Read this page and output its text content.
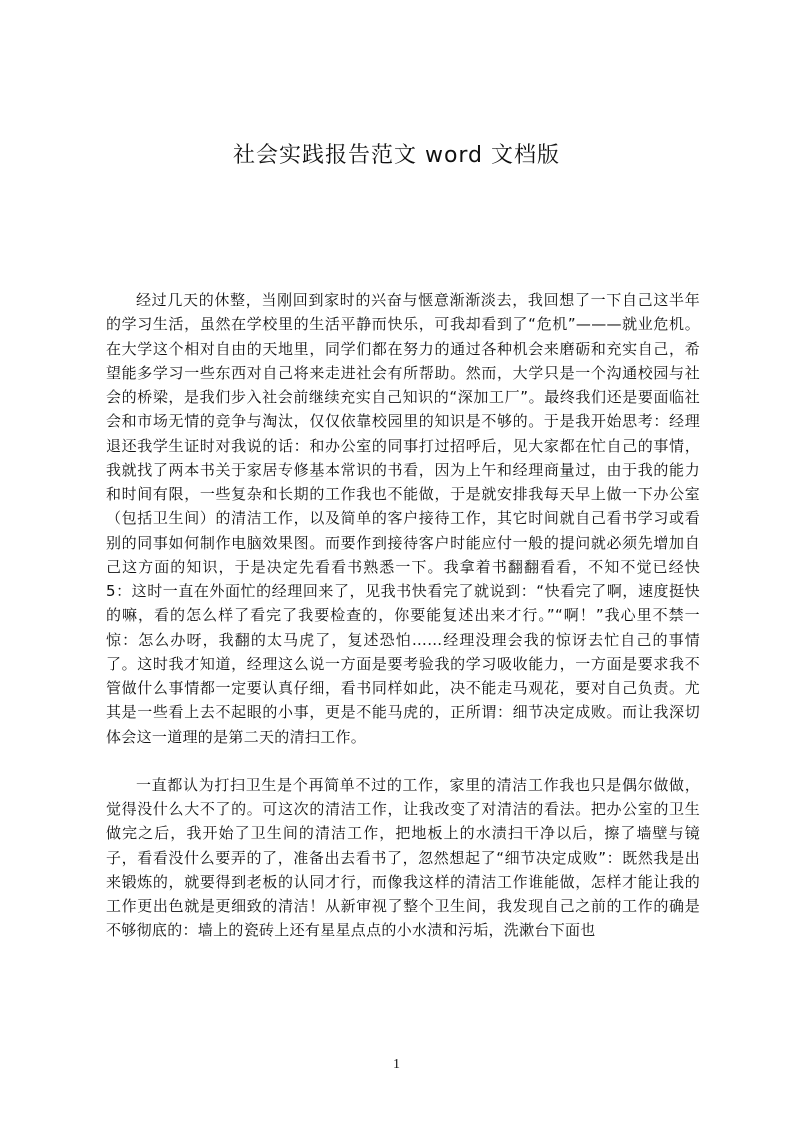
社会实践报告范文 word 文档版

经过几天的休整，当刚回到家时的兴奋与惬意渐渐淡去，我回想了一下自己这半年的学习生活，虽然在学校里的生活平静而快乐，可我却看到了“危机”———就业危机。在大学这个相对自由的天地里，同学们都在努力的通过各种机会来磨砺和充实自己，希望能多学习一些东西对自己将来走进社会有所帮助。然而，大学只是一个沟通校园与社会的桥梁，是我们步入社会前继续充实自己知识的“深加工厂”。最终我们还是要面临社会和市场无情的竞争与淘汰，仅仅依靠校园里的知识是不够的。于是我开始思考：经理退还我学生证时对我说的话：和办公室的同事打过招呼后，见大家都在忙自己的事情，我就找了两本书关于家居专修基本常识的书看，因为上午和经理商量过，由于我的能力和时间有限，一些复杂和长期的工作我也不能做，于是就安排我每天早上做一下办公室（包括卫生间）的清洁工作，以及简单的客户接待工作，其它时间就自己看书学习或看别的同事如何制作电脑效果图。而要作到接待客户时能应付一般的提问就必须先增加自己这方面的知识，于是决定先看看书熟悉一下。我拿着书翻翻看看，不知不觉已经快 5：这时一直在外面忙的经理回来了，见我书快看完了就说到：“快看完了啊，速度挺快的嘛，看的怎么样了看完了我要检查的，你要能复述出来才行。”“啊！”我心里不禁一惊：怎么办呀，我翻的太马虎了，复述恐怕……经理没理会我的惊讶去忙自己的事情了。这时我才知道，经理这么说一方面是要考验我的学习吸收能力，一方面是要求我不管做什么事情都一定要认真仔细，看书同样如此，决不能走马观花，要对自己负责。尤其是一些看上去不起眼的小事，更是不能马虎的，正所谓：细节决定成败。而让我深切体会这一道理的是第二天的清扫工作。

一直都认为打扫卫生是个再简单不过的工作，家里的清洁工作我也只是偶尔做做，觉得没什么大不了的。可这次的清洁工作，让我改变了对清洁的看法。把办公室的卫生做完之后，我开始了卫生间的清洁工作，把地板上的水渍扫干净以后，擦了墙壁与镜子，看看没什么要弄的了，准备出去看书了，忽然想起了“细节决定成败”：既然我是出来锻炼的，就要得到老板的认同才行，而像我这样的清洁工作谁能做，怎样才能让我的工作更出色就是更细致的清洁！从新审视了整个卫生间，我发现自己之前的工作的确是不够彻底的：墙上的瓷砖上还有星星点点的小水渍和污垢，洗漱台下面也

1
